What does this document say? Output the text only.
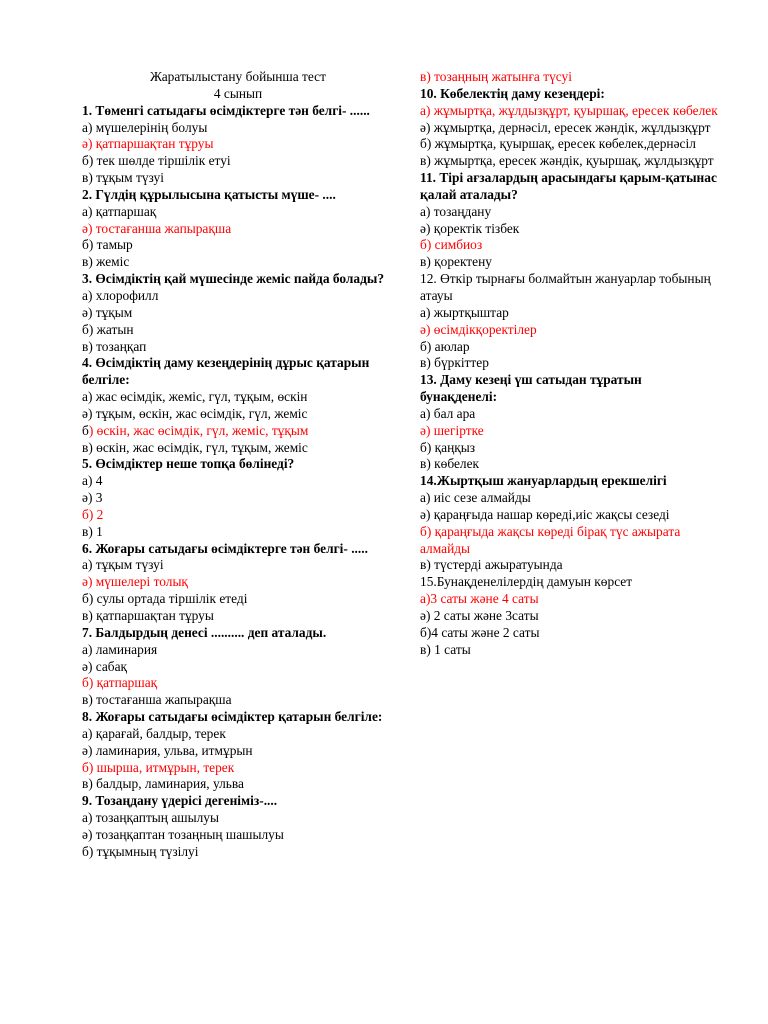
Жаратылыстану бойынша тест
4 сынып
1. Төменгі сатыдағы өсімдіктерге тән белгі- ......
а) мүшелерінің болуы
ә) қатпаршақтан тұруы
б) тек шөлде тіршілік етуі
в) тұқым түзуі
2. Гүлдің құрылысына қатысты мүше- ....
а) қатпаршақ
ә) тостағанша жапырақша
б) тамыр
в) жеміс
3. Өсімдіктің қай мүшесінде жеміс пайда болады?
а) хлорофилл
ә) тұқым
б) жатын
в) тозаңқап
4. Өсімдіктің даму кезеңдерінің дұрыс қатарын белгіле:
а) жас өсімдік, жеміс, гүл, тұқым, өскін
ә) тұқым, өскін, жас өсімдік, гүл, жеміс
б) өскін, жас өсімдік, гүл, жеміс, тұқым
в) өскін, жас өсімдік, гүл, тұқым, жеміс
5. Өсімдіктер неше топқа бөлінеді?
а) 4
ә) 3
б) 2
в) 1
6. Жоғары сатыдағы өсімдіктерге тән белгі- .....
а) тұқым түзуі
ә) мүшелері толық
б) сулы ортада тіршілік етеді
в) қатпаршақтан тұруы
7. Балдырдың денесі .......... деп аталады.
а) ламинария
ә) сабақ
б) қатпаршақ
в) тостағанша жапырақша
8. Жоғары сатыдағы өсімдіктер қатарын белгіле:
а) қарағай, балдыр, терек
ә) ламинария, ульва, итмұрын
б) шырша, итмұрын, терек
в) балдыр, ламинария, ульва
9. Тозаңдану үдерісі дегеніміз-....
а) тозаңқаптың ашылуы
ә) тозаңқаптан тозаңның шашылуы
б) тұқымның түзілуі
в) тозаңның жатынға түсуі
10. Көбелектің даму кезеңдері:
а) жұмыртқа, жұлдызқұрт, қуыршақ, ересек көбелек
ә) жұмыртқа, дернәсіл, ересек жәндік, жұлдызқұрт
б) жұмыртқа, қуыршақ, ересек көбелек,дернәсіл
в) жұмыртқа, ересек жәндік, қуыршақ, жұлдызқұрт
11. Тірі ағзалардың арасындағы қарым-қатынас қалай аталады?
а) тозаңдану
ә) қоректік тізбек
б) симбиоз
в) қоректену
12. Өткір тырнағы болмайтын жануарлар тобының атауы
а) жыртқыштар
ә) өсімдікқоректілер
б) аюлар
в) бүркіттер
13. Даму кезеңі үш сатыдан тұратын бунақденелі:
а) бал ара
ә) шегіртке
б) қаңқыз
в) көбелек
14.Жыртқыш жануарлардың ерекшелігі
а) иіс сезе алмайды
ә) қараңғыда нашар көреді,иіс жақсы сезеді
б) қараңғыда жақсы көреді бірақ түс ажырата алмайды
в) түстерді ажыратуында
15.Бунақденелілердің дамуын көрсет
а)3 саты және 4 саты
ә) 2 саты және 3саты
б)4 саты және 2 саты
в) 1 саты
